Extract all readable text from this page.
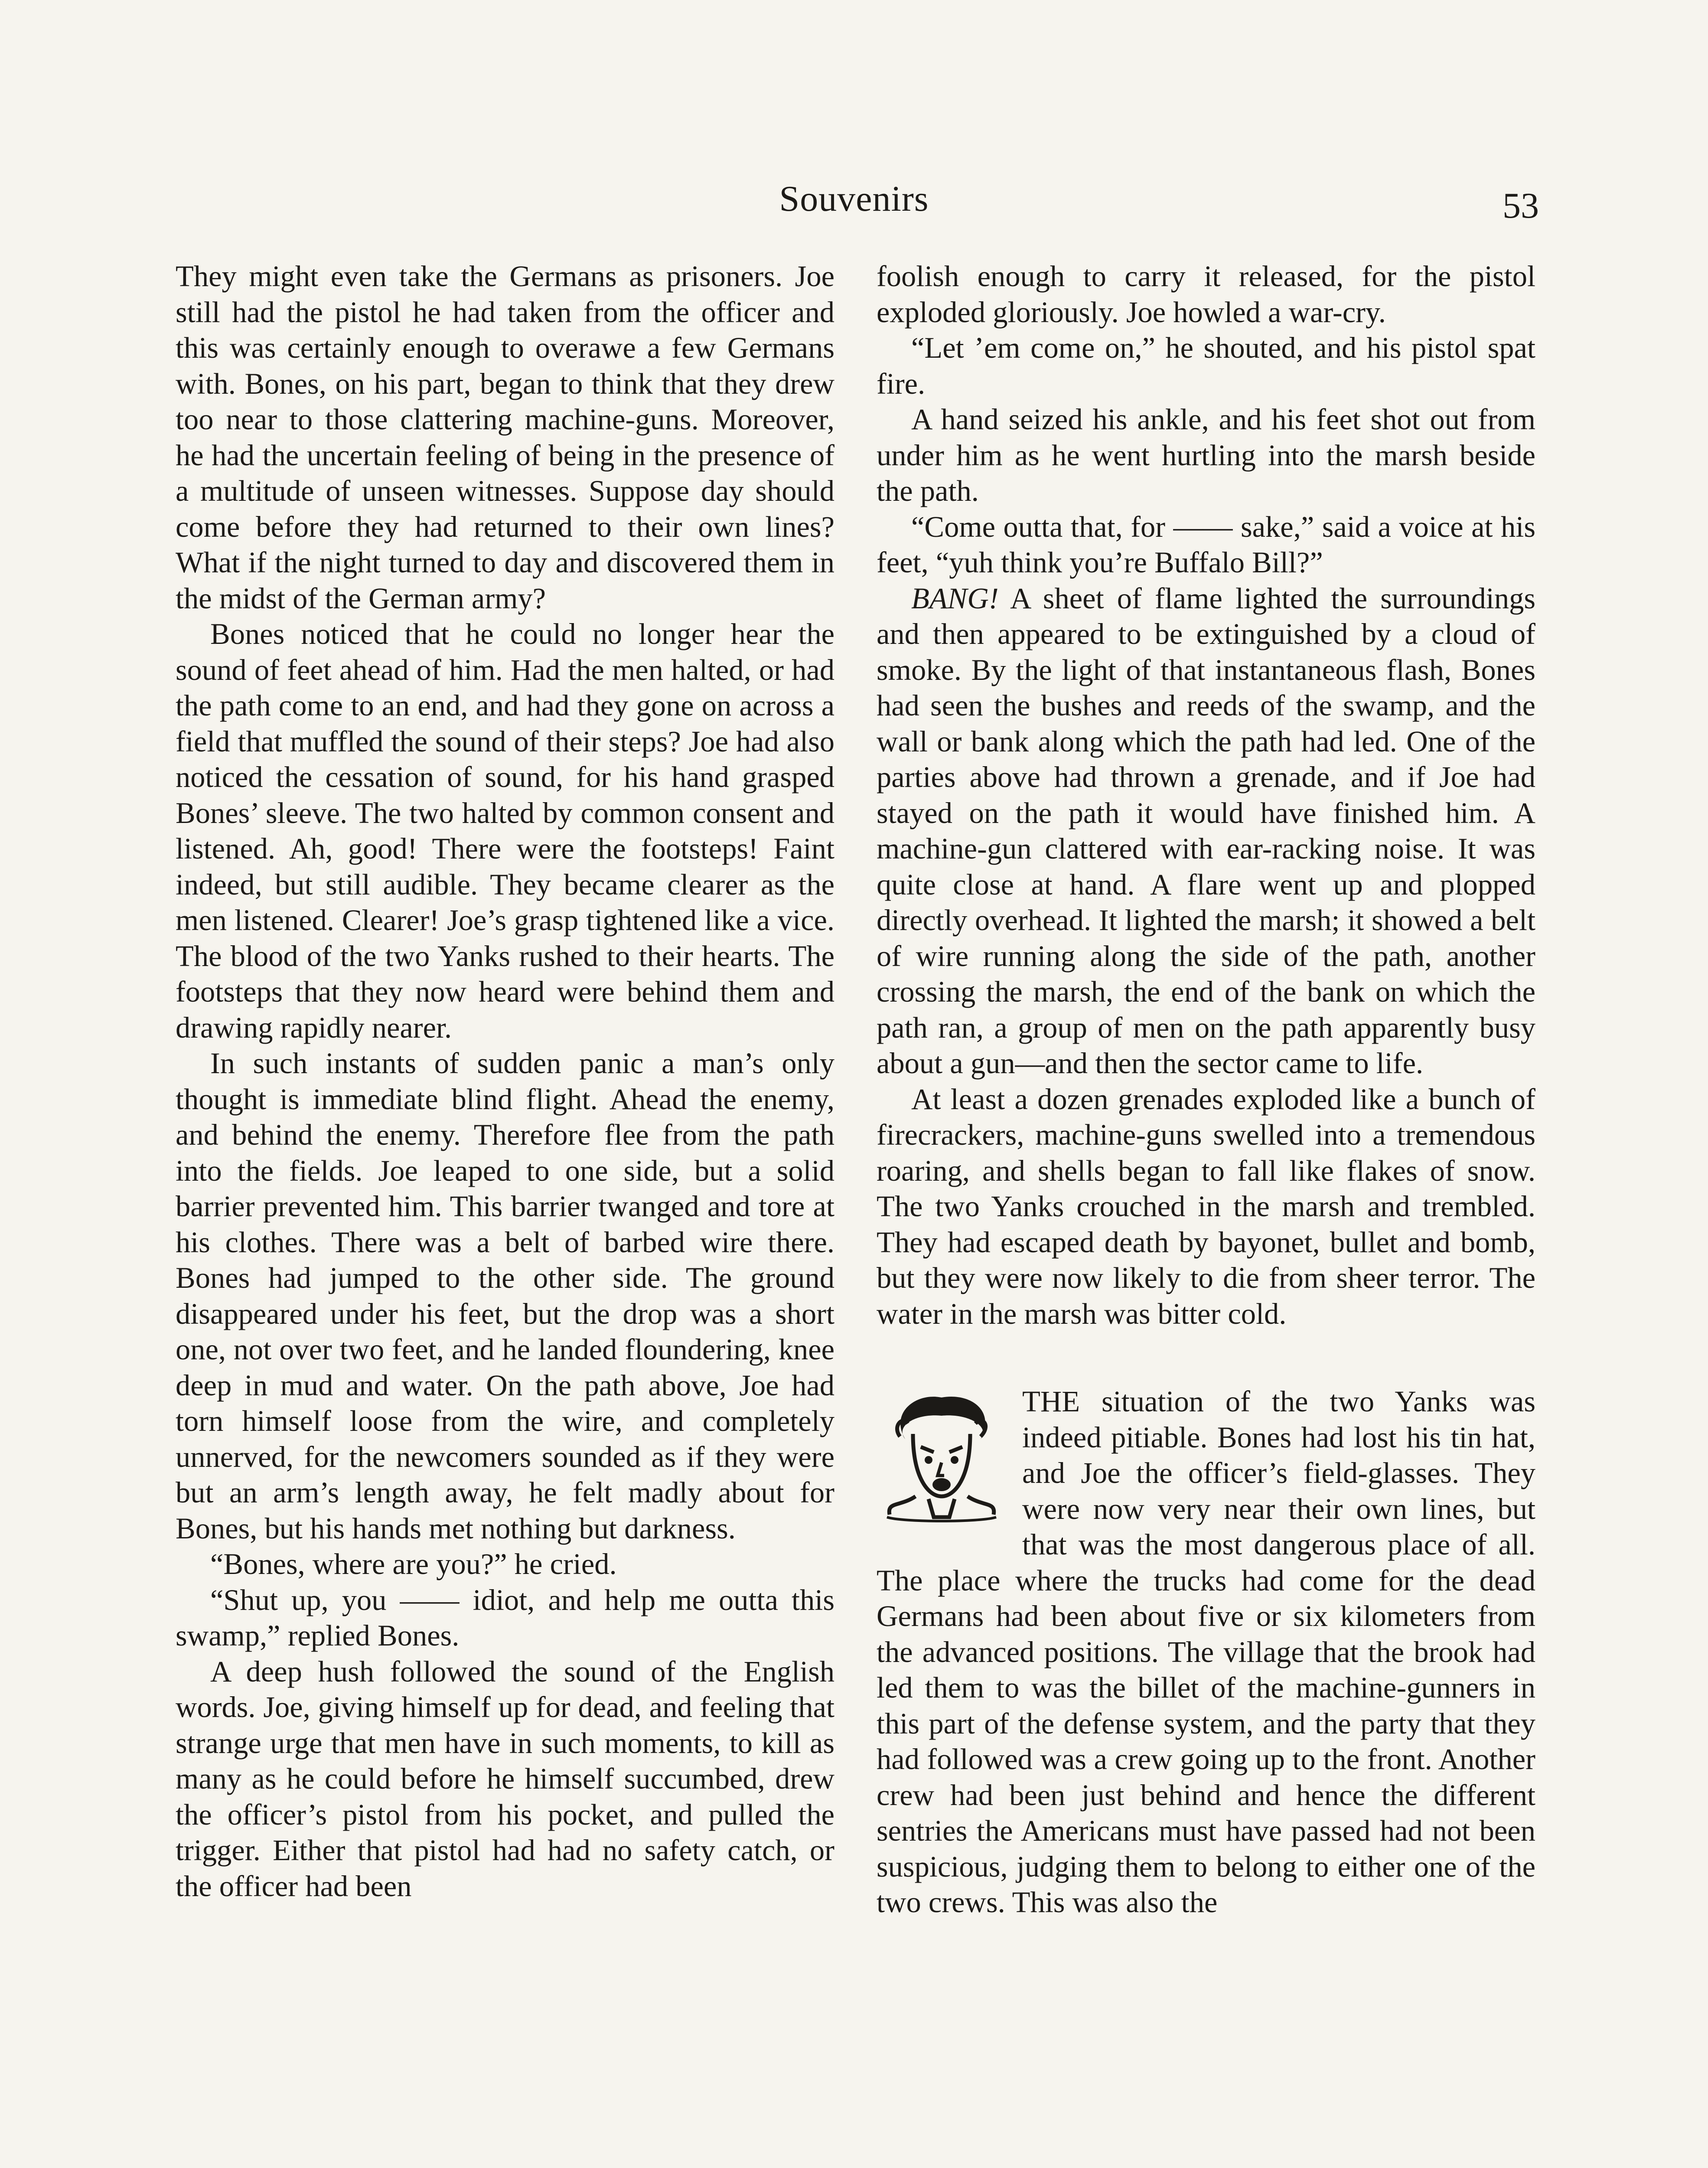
Souvenirs	53

They might even take the Germans as prisoners. Joe still had the pistol he had taken from the officer and this was certainly enough to overawe a few Germans with. Bones, on his part, began to think that they drew too near to those clattering machine-guns. Moreover, he had the uncertain feeling of being in the presence of a multitude of unseen witnesses. Suppose day should come before they had returned to their own lines? What if the night turned to day and discovered them in the midst of the German army?

Bones noticed that he could no longer hear the sound of feet ahead of him. Had the men halted, or had the path come to an end, and had they gone on across a field that muffled the sound of their steps? Joe had also noticed the cessation of sound, for his hand grasped Bones’ sleeve. The two halted by common consent and listened. Ah, good! There were the footsteps! Faint indeed, but still audible. They became clearer as the men listened. Clearer! Joe’s grasp tightened like a vice. The blood of the two Yanks rushed to their hearts. The footsteps that they now heard were behind them and drawing rapidly nearer.

In such instants of sudden panic a man’s only thought is immediate blind flight. Ahead the enemy, and behind the enemy. Therefore flee from the path into the fields. Joe leaped to one side, but a solid barrier prevented him. This barrier twanged and tore at his clothes. There was a belt of barbed wire there. Bones had jumped to the other side. The ground disappeared under his feet, but the drop was a short one, not over two feet, and he landed floundering, knee deep in mud and water. On the path above, Joe had torn himself loose from the wire, and completely unnerved, for the newcomers sounded as if they were but an arm’s length away, he felt madly about for Bones, but his hands met nothing but darkness.

“Bones, where are you?” he cried.

“Shut up, you —— idiot, and help me outta this swamp,” replied Bones.

A deep hush followed the sound of the English words. Joe, giving himself up for dead, and feeling that strange urge that men have in such moments, to kill as many as he could before he himself succumbed, drew the officer’s pistol from his pocket, and pulled the trigger. Either that pistol had had no safety catch, or the officer had been

foolish enough to carry it released, for the pistol exploded gloriously. Joe howled a war-cry.

“Let ’em come on,” he shouted, and his pistol spat fire.

A hand seized his ankle, and his feet shot out from under him as he went hurtling into the marsh beside the path.

“Come outta that, for —— sake,” said a voice at his feet, “yuh think you’re Buffalo Bill?”

BANG! A sheet of flame lighted the surroundings and then appeared to be extinguished by a cloud of smoke. By the light of that instantaneous flash, Bones had seen the bushes and reeds of the swamp, and the wall or bank along which the path had led. One of the parties above had thrown a grenade, and if Joe had stayed on the path it would have finished him. A machine-gun clattered with ear-racking noise. It was quite close at hand. A flare went up and plopped directly overhead. It lighted the marsh; it showed a belt of wire running along the side of the path, another crossing the marsh, the end of the bank on which the path ran, a group of men on the path apparently busy about a gun—and then the sector came to life.

At least a dozen grenades exploded like a bunch of firecrackers, machine-guns swelled into a tremendous roaring, and shells began to fall like flakes of snow. The two Yanks crouched in the marsh and trembled. They had escaped death by bayonet, bullet and bomb, but they were now likely to die from sheer terror. The water in the marsh was bitter cold.

THE situation of the two Yanks was indeed pitiable. Bones had lost his tin hat, and Joe the officer’s field-glasses. They were now very near their own lines, but that was the most dangerous place of all. The place where the trucks had come for the dead Germans had been about five or six kilometers from the advanced positions. The village that the brook had led them to was the billet of the machine-gunners in this part of the defense system, and the party that they had followed was a crew going up to the front. Another crew had been just behind and hence the different sentries the Americans must have passed had not been suspicious, judging them to belong to either one of the two crews. This was also the
